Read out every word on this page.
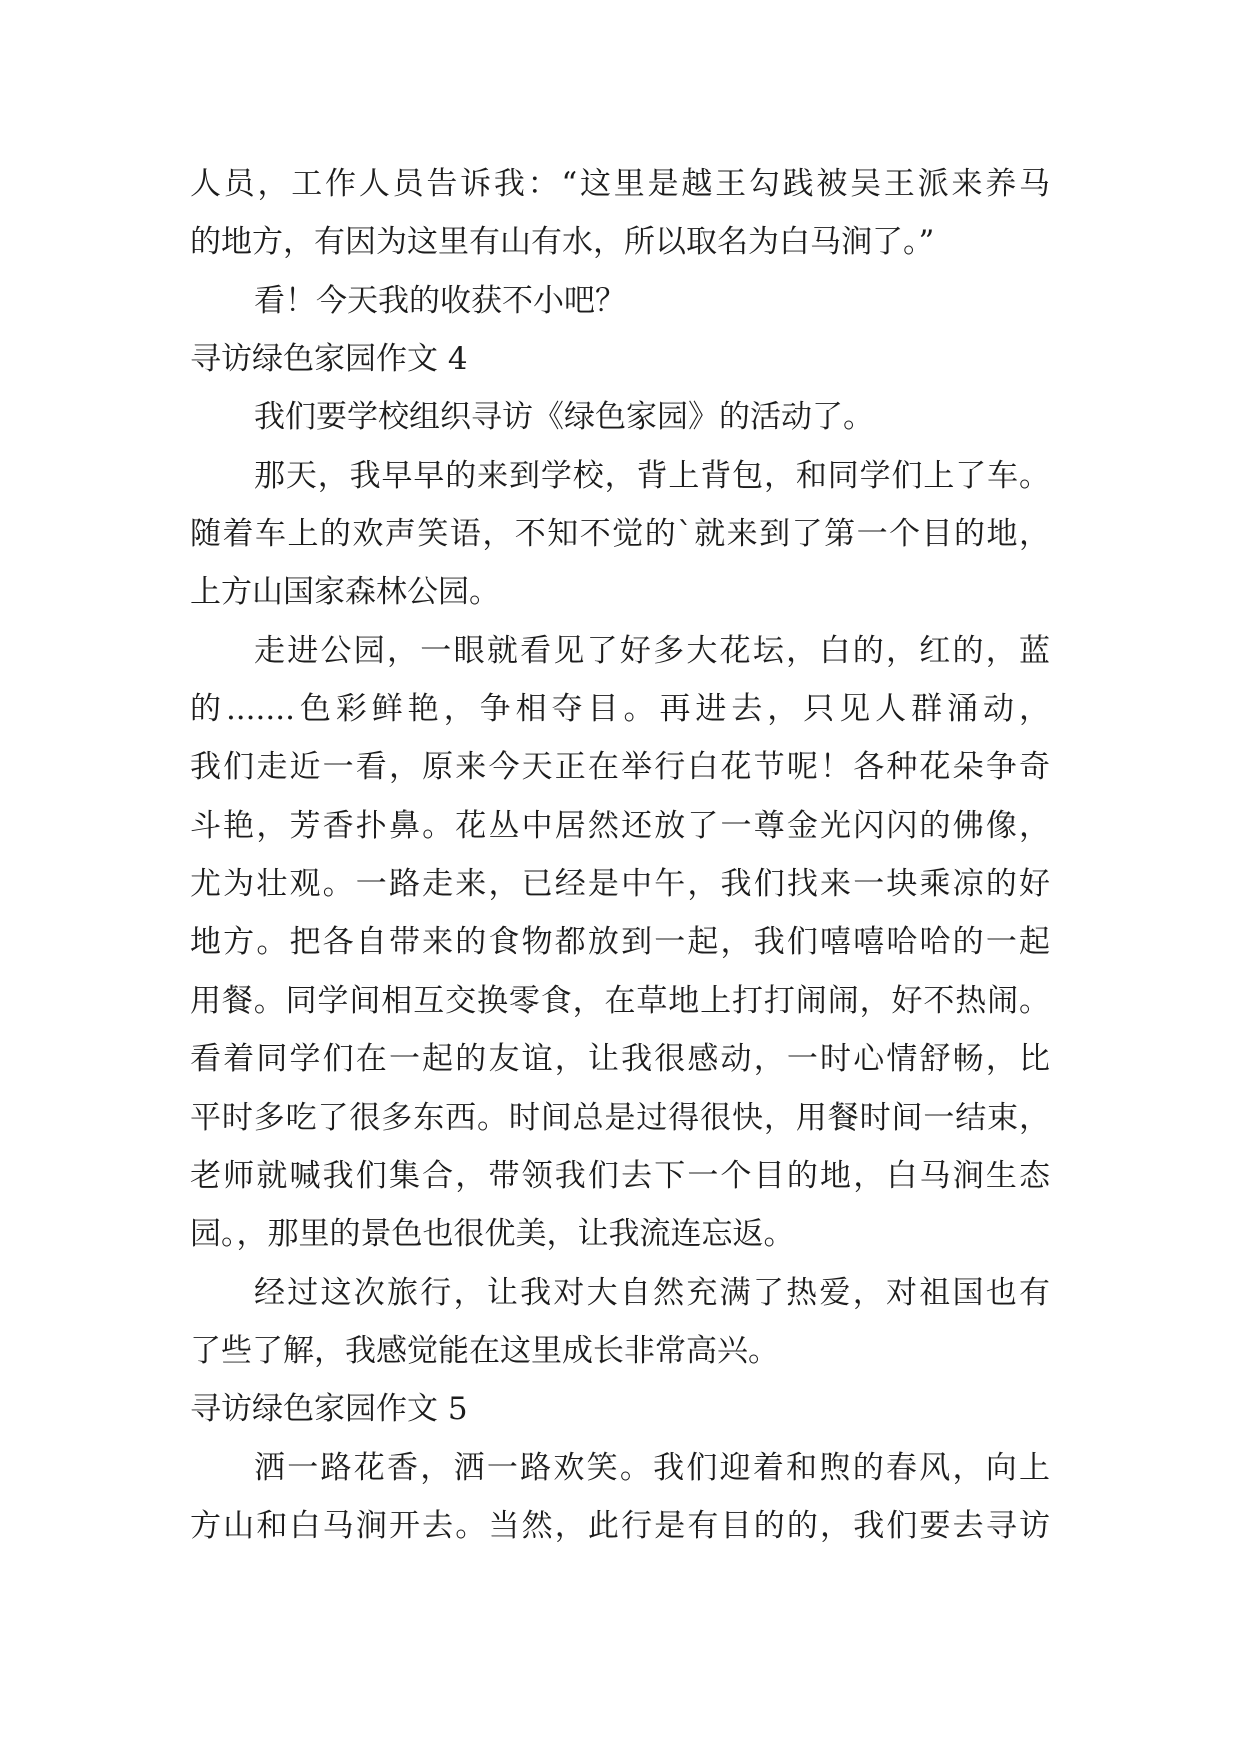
人员，工作人员告诉我：“这里是越王勾践被吴王派来养马
的地方，有因为这里有山有水，所以取名为白马涧了。”
看！今天我的收获不小吧？
寻访绿色家园作文 4
我们要学校组织寻访《绿色家园》的活动了。
那天，我早早的来到学校，背上背包，和同学们上了车。
随着车上的欢声笑语，不知不觉的`就来到了第一个目的地，
上方山国家森林公园。
走进公园，一眼就看见了好多大花坛，白的，红的，蓝
的.......色彩鲜艳，争相夺目。再进去，只见人群涌动，
我们走近一看，原来今天正在举行白花节呢！各种花朵争奇
斗艳，芳香扑鼻。花丛中居然还放了一尊金光闪闪的佛像，
尤为壮观。一路走来，已经是中午，我们找来一块乘凉的好
地方。把各自带来的食物都放到一起，我们嘻嘻哈哈的一起
用餐。同学间相互交换零食，在草地上打打闹闹，好不热闹。
看着同学们在一起的友谊，让我很感动，一时心情舒畅，比
平时多吃了很多东西。时间总是过得很快，用餐时间一结束，
老师就喊我们集合，带领我们去下一个目的地，白马涧生态
园。，那里的景色也很优美，让我流连忘返。
经过这次旅行，让我对大自然充满了热爱，对祖国也有
了些了解，我感觉能在这里成长非常高兴。
寻访绿色家园作文 5
洒一路花香，洒一路欢笑。我们迎着和煦的春风，向上
方山和白马涧开去。当然，此行是有目的的，我们要去寻访
